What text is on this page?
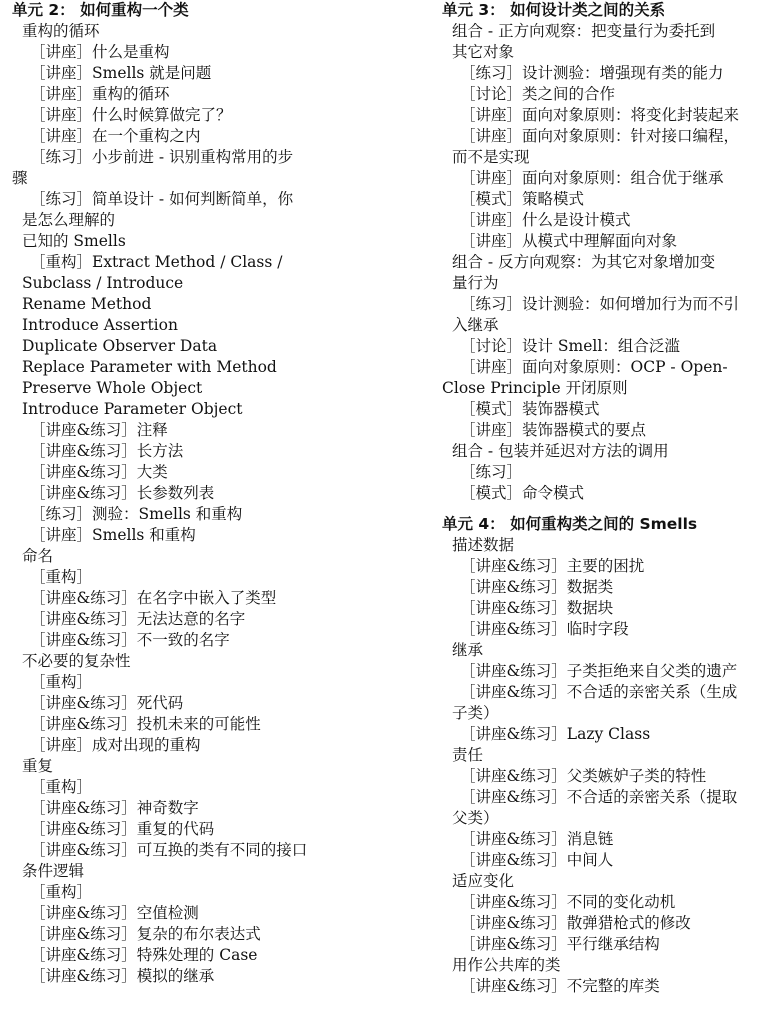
单元 2： 如何重构一个类
重构的循环
［讲座］什么是重构
［讲座］Smells 就是问题
［讲座］重构的循环
［讲座］什么时候算做完了？
［讲座］在一个重构之内
［练习］小步前进 - 识别重构常用的步
骤
［练习］简单设计 - 如何判断简单，你
是怎么理解的
已知的 Smells
［重构］Extract Method / Class /
Subclass / Introduce
Rename Method
Introduce Assertion
Duplicate Observer Data
Replace Parameter with Method
Preserve Whole Object
Introduce Parameter Object
［讲座&练习］注释
［讲座&练习］长方法
［讲座&练习］大类
［讲座&练习］长参数列表
［练习］测验：Smells 和重构
［讲座］Smells 和重构
命名
［重构］
［讲座&练习］在名字中嵌入了类型
［讲座&练习］无法达意的名字
［讲座&练习］不一致的名字
不必要的复杂性
［重构］
［讲座&练习］死代码
［讲座&练习］投机未来的可能性
［讲座］成对出现的重构
重复
［重构］
［讲座&练习］神奇数字
［讲座&练习］重复的代码
［讲座&练习］可互换的类有不同的接口
条件逻辑
［重构］
［讲座&练习］空值检测
［讲座&练习］复杂的布尔表达式
［讲座&练习］特殊处理的 Case
［讲座&练习］模拟的继承
单元 3： 如何设计类之间的关系
组合 - 正方向观察：把变量行为委托到
其它对象
［练习］设计测验：增强现有类的能力
［讨论］类之间的合作
［讲座］面向对象原则：将变化封装起来
［讲座］面向对象原则：针对接口编程，
而不是实现
［讲座］面向对象原则：组合优于继承
［模式］策略模式
［讲座］什么是设计模式
［讲座］从模式中理解面向对象
组合 - 反方向观察：为其它对象增加变
量行为
［练习］设计测验：如何增加行为而不引
入继承
［讨论］设计 Smell：组合泛滥
［讲座］面向对象原则：OCP - Open-
Close Principle 开闭原则
［模式］装饰器模式
［讲座］装饰器模式的要点
组合 - 包装并延迟对方法的调用
［练习］
［模式］命令模式
单元 4： 如何重构类之间的 Smells
描述数据
［讲座&练习］主要的困扰
［讲座&练习］数据类
［讲座&练习］数据块
［讲座&练习］临时字段
继承
［讲座&练习］子类拒绝来自父类的遗产
［讲座&练习］不合适的亲密关系（生成
子类）
［讲座&练习］Lazy Class
责任
［讲座&练习］父类嫉妒子类的特性
［讲座&练习］不合适的亲密关系（提取
父类）
［讲座&练习］消息链
［讲座&练习］中间人
适应变化
［讲座&练习］不同的变化动机
［讲座&练习］散弹猎枪式的修改
［讲座&练习］平行继承结构
用作公共库的类
［讲座&练习］不完整的库类
